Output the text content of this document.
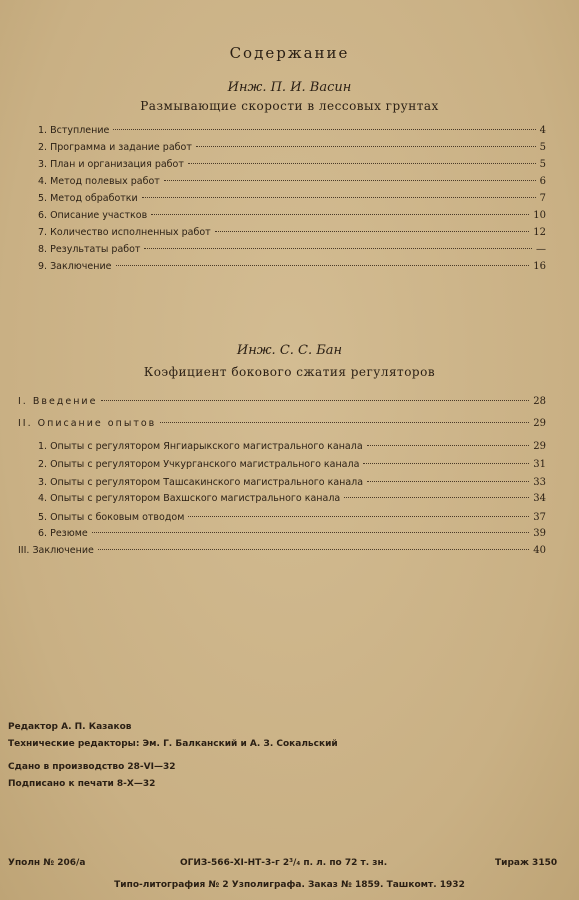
Содержание
Инж. П. И. Васин
Размывающие скорости в лессовых грунтах
1. Вступление	4
2. Программа и задание работ	5
3. План и организация работ	5
4. Метод полевых работ	6
5. Метод обработки	7
6. Описание участков	10
7. Количество исполненных работ	12
8. Результаты работ	—
9. Заключение	16
Инж. С. С. Бан
Коэфициент бокового сжатия регуляторов
I. Введение	28
II. Описание опытов	29
1. Опыты с регулятором Янгиарыкского магистрального канала	29
2. Опыты с регулятором Учкурганского магистрального канала	31
3. Опыты с регулятором Ташсакинского магистрального канала	33
4. Опыты с регулятором Вахшского магистрального канала	34
5. Опыты с боковым отводом	37
6. Резюме	39
III. Заключение	40
Редактор А. П. Казаков
Технические редакторы: Эм. Г. Балканский и А. З. Сокальский
Сдано в производство 28-VI—32
Подписано к печати 8-X—32
Уполн № 206/а	ОГИЗ-566-XI-НТ-3-г 2³/₄ п. л. по 72 т. зн.	Тираж 3150
Типо-литография № 2 Узполиграфа. Заказ № 1859. Ташкомт. 1932
